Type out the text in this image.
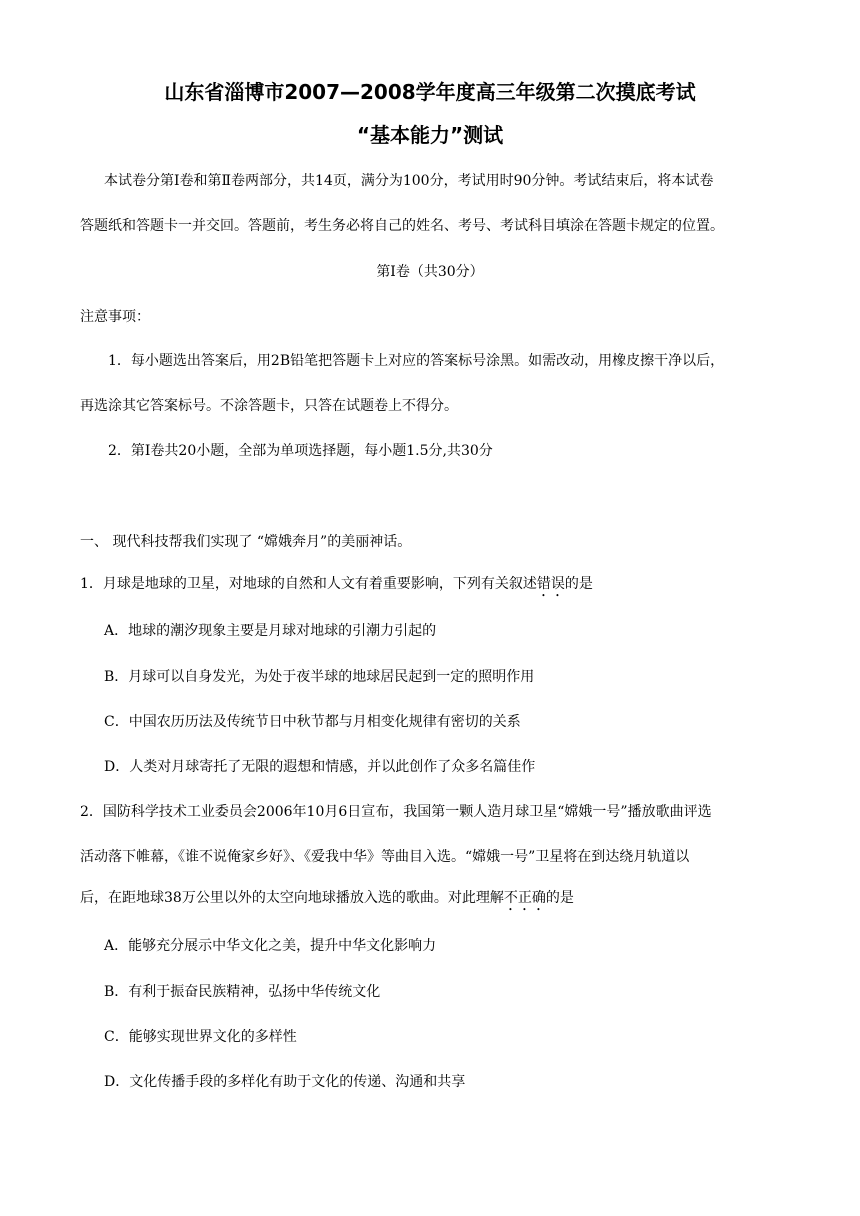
山东省淄博市2007—2008学年度高三年级第二次摸底考试
“基本能力”测试
本试卷分第Ⅰ卷和第Ⅱ卷两部分，共14页，满分为100分，考试用时90分钟。考试结束后，将本试卷
答题纸和答题卡一并交回。答题前，考生务必将自己的姓名、考号、考试科目填涂在答题卡规定的位置。
第Ⅰ卷（共30分）
注意事项：
1．每小题选出答案后，用2B铅笔把答题卡上对应的答案标号涂黑。如需改动，用橡皮擦干净以后，
再选涂其它答案标号。不涂答题卡，只答在试题卷上不得分。
2．第Ⅰ卷共20小题，全部为单项选择题，每小题1.5分,共30分
一、 现代科技帮我们实现了 “嫦娥奔月”的美丽神话。
1．月球是地球的卫星，对地球的自然和人文有着重要影响，下列有关叙述错误的是
A．地球的潮汐现象主要是月球对地球的引潮力引起的
B．月球可以自身发光，为处于夜半球的地球居民起到一定的照明作用
C．中国农历历法及传统节日中秋节都与月相变化规律有密切的关系
D．人类对月球寄托了无限的遐想和情感，并以此创作了众多名篇佳作
2．国防科学技术工业委员会2006年10月6日宣布，我国第一颗人造月球卫星“嫦娥一号”播放歌曲评选
活动落下帷幕，《谁不说俺家乡好》、《爱我中华》等曲目入选。“嫦娥一号”卫星将在到达绕月轨道以
后，在距地球38万公里以外的太空向地球播放入选的歌曲。对此理解不正确的是
A．能够充分展示中华文化之美，提升中华文化影响力
B．有利于振奋民族精神，弘扬中华传统文化
C．能够实现世界文化的多样性
D．文化传播手段的多样化有助于文化的传递、沟通和共享
